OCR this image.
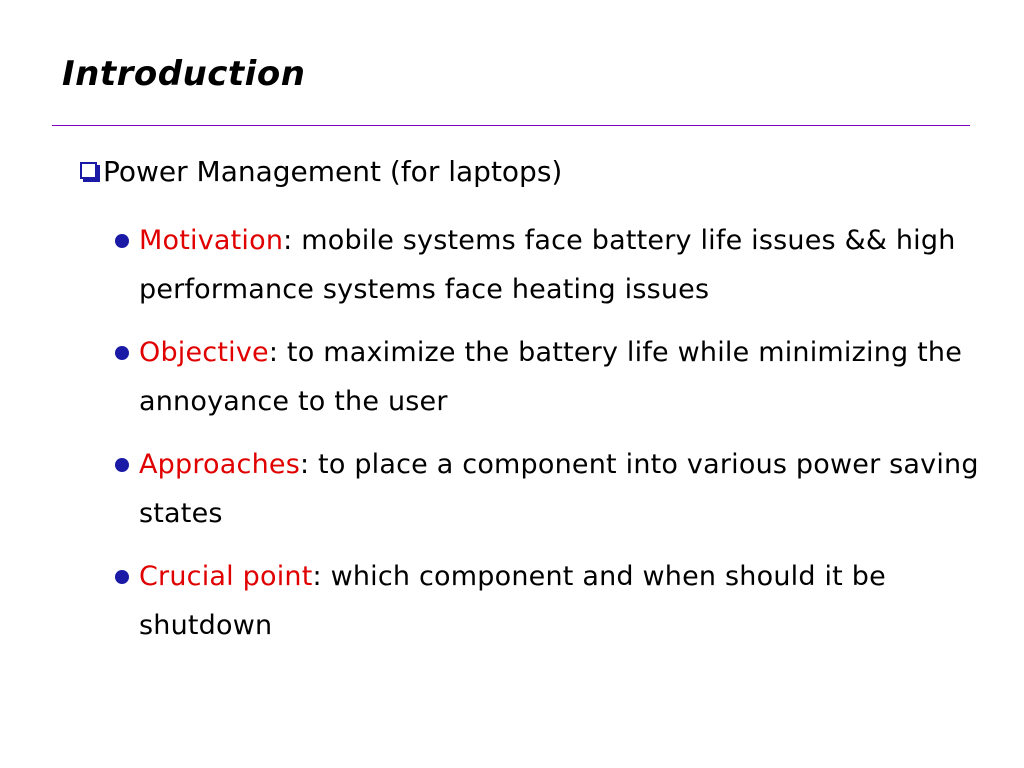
Introduction
Power Management (for laptops)
Motivation: mobile systems face battery life issues && high performance systems face heating issues
Objective: to maximize the battery life while minimizing the annoyance to the user
Approaches: to place a component into various power saving states
Crucial point: which component and when should it be shutdown
